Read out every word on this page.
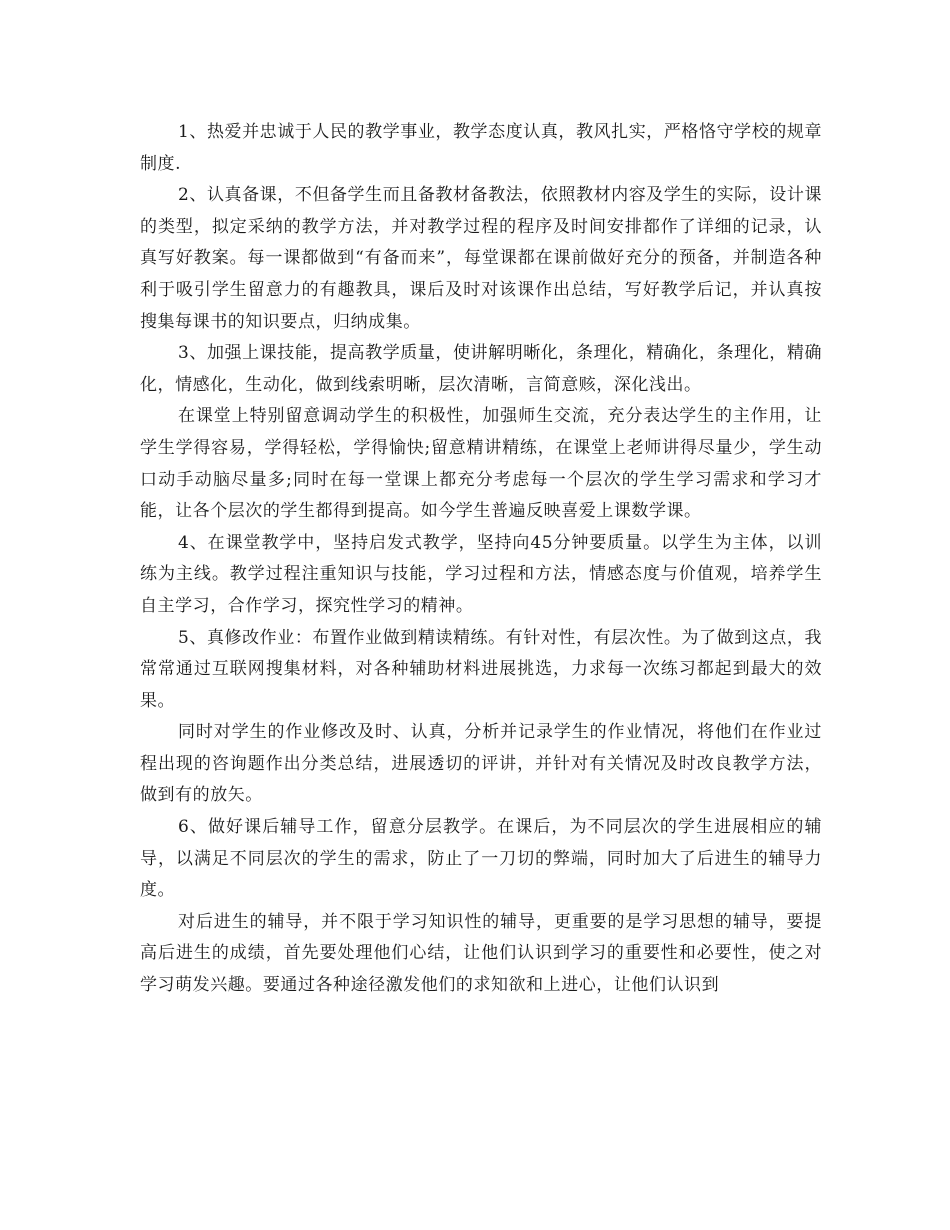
1、热爱并忠诚于人民的教学事业，教学态度认真，教风扎实，严格恪守学校的规章制度.

2、认真备课，不但备学生而且备教材备教法，依照教材内容及学生的实际，设计课的类型，拟定采纳的教学方法，并对教学过程的程序及时间安排都作了详细的记录，认真写好教案。每一课都做到“有备而来”，每堂课都在课前做好充分的预备，并制造各种利于吸引学生留意力的有趣教具，课后及时对该课作出总结，写好教学后记，并认真按搜集每课书的知识要点，归纳成集。

3、加强上课技能，提高教学质量，使讲解明晰化，条理化，精确化，条理化，精确化，情感化，生动化，做到线索明晰，层次清晰，言简意赅，深化浅出。

在课堂上特别留意调动学生的积极性，加强师生交流，充分表达学生的主作用，让学生学得容易，学得轻松，学得愉快;留意精讲精练，在课堂上老师讲得尽量少，学生动口动手动脑尽量多;同时在每一堂课上都充分考虑每一个层次的学生学习需求和学习才能，让各个层次的学生都得到提高。如今学生普遍反映喜爱上课数学课。

4、在课堂教学中，坚持启发式教学，坚持向45分钟要质量。以学生为主体，以训练为主线。教学过程注重知识与技能，学习过程和方法，情感态度与价值观，培养学生自主学习，合作学习，探究性学习的精神。

5、真修改作业：布置作业做到精读精练。有针对性，有层次性。为了做到这点，我常常通过互联网搜集材料，对各种辅助材料进展挑选，力求每一次练习都起到最大的效果。

同时对学生的作业修改及时、认真，分析并记录学生的作业情况，将他们在作业过程出现的咨询题作出分类总结，进展透切的评讲，并针对有关情况及时改良教学方法，做到有的放矢。

6、做好课后辅导工作，留意分层教学。在课后，为不同层次的学生进展相应的辅导，以满足不同层次的学生的需求，防止了一刀切的弊端，同时加大了后进生的辅导力度。

对后进生的辅导，并不限于学习知识性的辅导，更重要的是学习思想的辅导，要提高后进生的成绩，首先要处理他们心结，让他们认识到学习的重要性和必要性，使之对学习萌发兴趣。要通过各种途径激发他们的求知欲和上进心，让他们认识到
